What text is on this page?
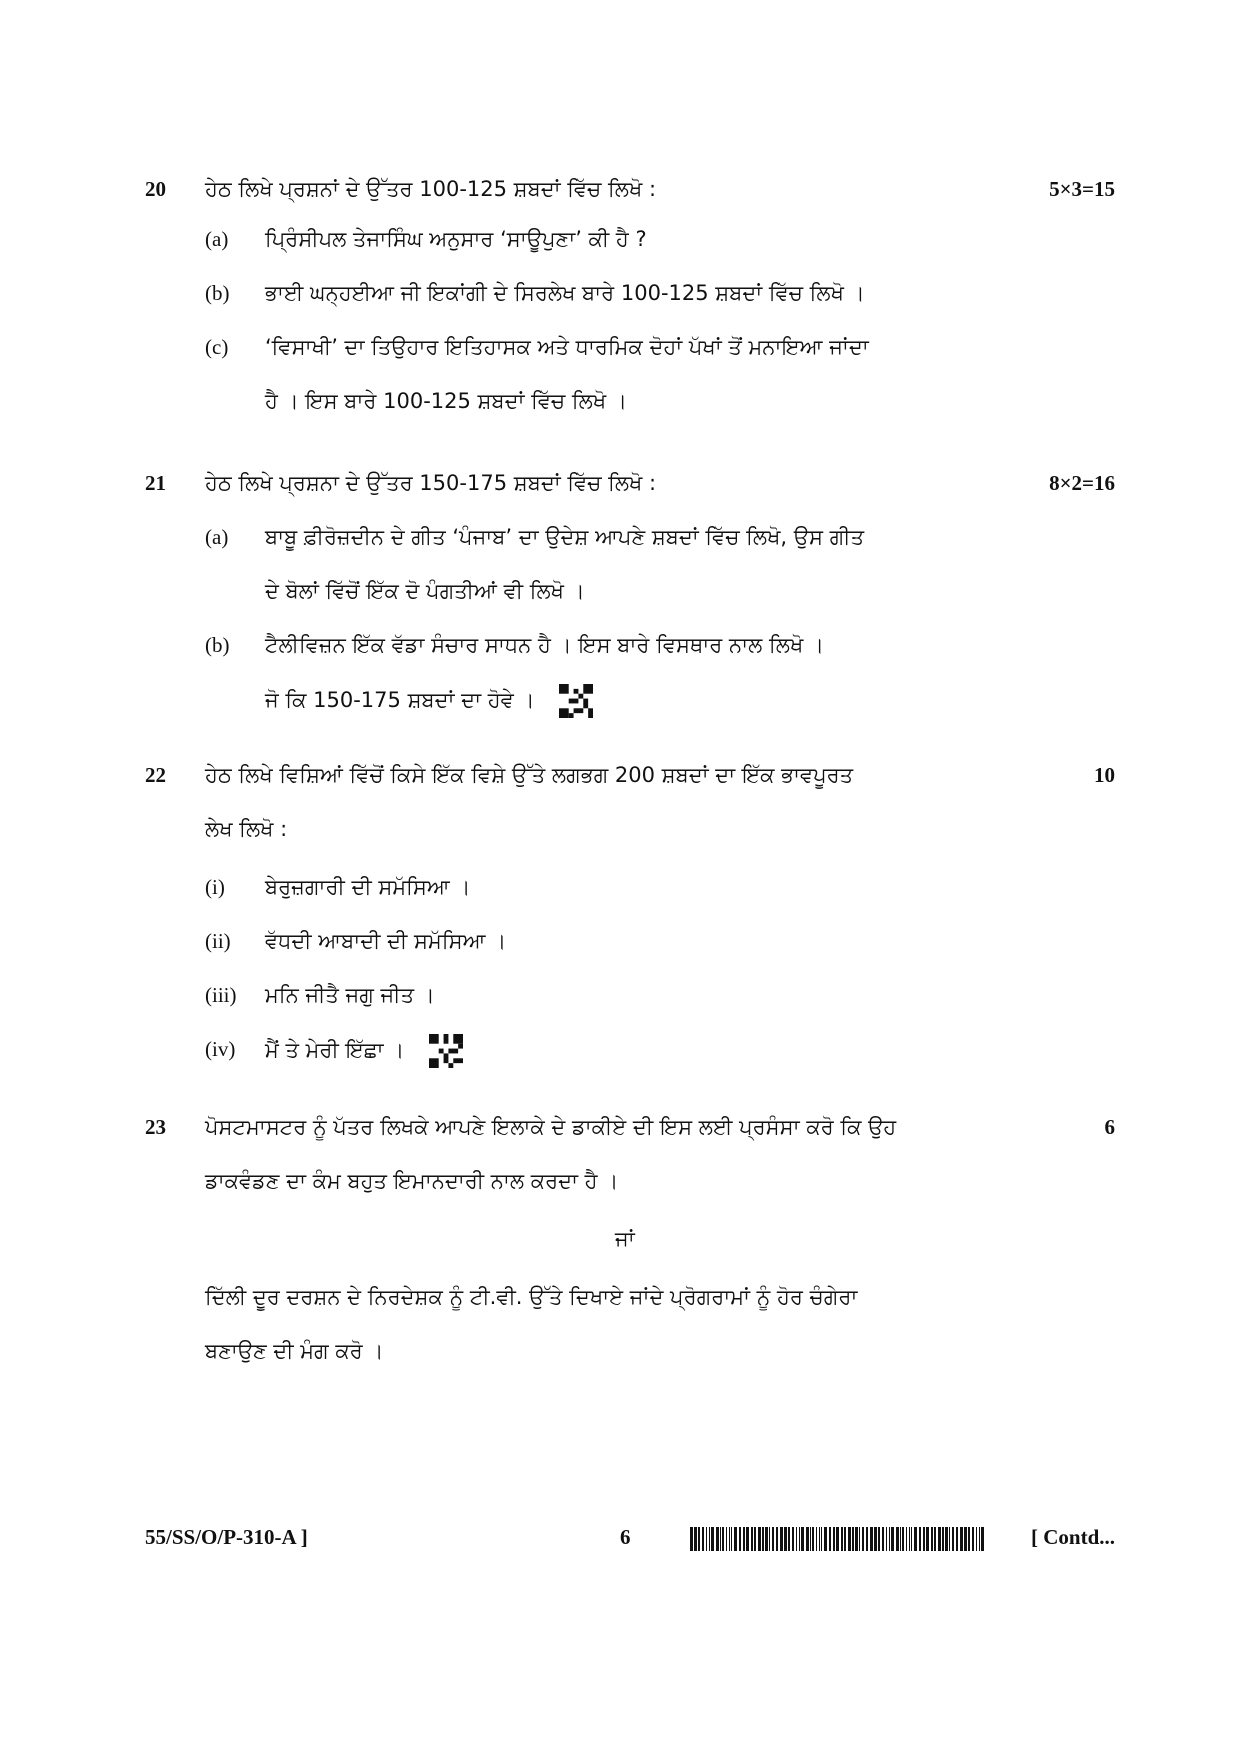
20 ਹੇਠ ਲਿਖੇ ਪ੍ਰਸ਼ਨਾਂ ਦੇ ਉੱਤਰ 100-125 ਸ਼ਬਦਾਂ ਵਿੱਚ ਲਿਖੋ :	5×3=15
(a) ਪ੍ਰਿੰਸੀਪਲ ਤੇਜਾਸਿੰਘ ਅਨੁਸਾਰ ‘ਸਾਊਪੁਣਾ’ ਕੀ ਹੈ ?
(b) ਭਾਈ ਘਨ੍ਹਈਆ ਜੀ ਇਕਾਂਗੀ ਦੇ ਸਿਰਲੇਖ ਬਾਰੇ 100-125 ਸ਼ਬਦਾਂ ਵਿੱਚ ਲਿਖੋ ।
(c) ‘ਵਿਸਾਖੀ’ ਦਾ ਤਿਉਹਾਰ ਇਤਿਹਾਸਕ ਅਤੇ ਧਾਰਮਿਕ ਦੋਹਾਂ ਪੱਖਾਂ ਤੋਂ ਮਨਾਇਆ ਜਾਂਦਾ
ਹੈ । ਇਸ ਬਾਰੇ 100-125 ਸ਼ਬਦਾਂ ਵਿੱਚ ਲਿਖੋ ।
21 ਹੇਠ ਲਿਖੇ ਪ੍ਰਸ਼ਨਾ ਦੇ ਉੱਤਰ 150-175 ਸ਼ਬਦਾਂ ਵਿੱਚ ਲਿਖੋ :	8×2=16
(a) ਬਾਬੂ ਫ਼ੀਰੋਜ਼ਦੀਨ ਦੇ ਗੀਤ ‘ਪੰਜਾਬ’ ਦਾ ਉਦੇਸ਼ ਆਪਣੇ ਸ਼ਬਦਾਂ ਵਿੱਚ ਲਿਖੋ, ਉਸ ਗੀਤ
ਦੇ ਬੋਲਾਂ ਵਿੱਚੋਂ ਇੱਕ ਦੋ ਪੰਗਤੀਆਂ ਵੀ ਲਿਖੋ ।
(b) ਟੈਲੀਵਿਜ਼ਨ ਇੱਕ ਵੱਡਾ ਸੰਚਾਰ ਸਾਧਨ ਹੈ । ਇਸ ਬਾਰੇ ਵਿਸਥਾਰ ਨਾਲ ਲਿਖੋ ।
ਜੋ ਕਿ 150-175 ਸ਼ਬਦਾਂ ਦਾ ਹੋਵੇ ।
22 ਹੇਠ ਲਿਖੇ ਵਿਸ਼ਿਆਂ ਵਿੱਚੋਂ ਕਿਸੇ ਇੱਕ ਵਿਸ਼ੇ ਉੱਤੇ ਲਗਭਗ 200 ਸ਼ਬਦਾਂ ਦਾ ਇੱਕ ਭਾਵਪੂਰਤ	10
ਲੇਖ ਲਿਖੋ :
(i) ਬੇਰੁਜ਼ਗਾਰੀ ਦੀ ਸਮੱਸਿਆ ।
(ii) ਵੱਧਦੀ ਆਬਾਦੀ ਦੀ ਸਮੱਸਿਆ ।
(iii) ਮਨਿ ਜੀਤੈ ਜਗੁ ਜੀਤ ।
(iv) ਮੈਂ ਤੇ ਮੇਰੀ ਇੱਛਾ ।
23 ਪੋਸਟਮਾਸਟਰ ਨੂੰ ਪੱਤਰ ਲਿਖਕੇ ਆਪਣੇ ਇਲਾਕੇ ਦੇ ਡਾਕੀਏ ਦੀ ਇਸ ਲਈ ਪ੍ਰਸੰਸਾ ਕਰੋ ਕਿ ਉਹ	6
ਡਾਕਵੰਡਣ ਦਾ ਕੰਮ ਬਹੁਤ ਇਮਾਨਦਾਰੀ ਨਾਲ ਕਰਦਾ ਹੈ ।
ਜਾਂ
ਦਿੱਲੀ ਦੂਰ ਦਰਸ਼ਨ ਦੇ ਨਿਰਦੇਸ਼ਕ ਨੂੰ ਟੀ.ਵੀ. ਉੱਤੇ ਦਿਖਾਏ ਜਾਂਦੇ ਪ੍ਰੋਗਰਾਮਾਂ ਨੂੰ ਹੋਰ ਚੰਗੇਰਾ
ਬਣਾਉਣ ਦੀ ਮੰਗ ਕਰੋ ।
55/SS/O/P-310-A ]	6	[ Contd...
